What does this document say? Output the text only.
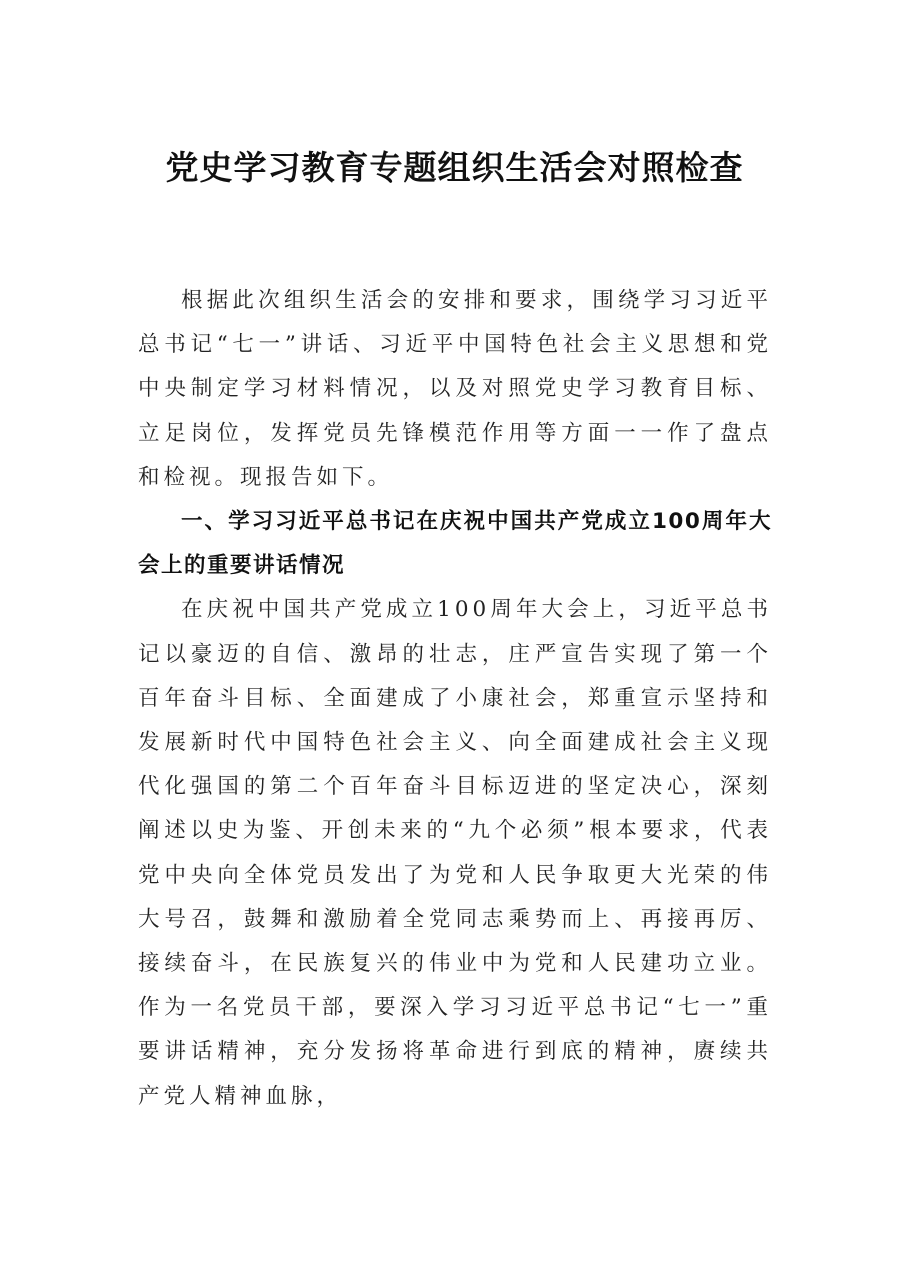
党史学习教育专题组织生活会对照检查

根据此次组织生活会的安排和要求，围绕学习习近平总书记“七一”讲话、习近平中国特色社会主义思想和党中央制定学习材料情况，以及对照党史学习教育目标、立足岗位，发挥党员先锋模范作用等方面一一作了盘点和检视。现报告如下。

一、学习习近平总书记在庆祝中国共产党成立100周年大会上的重要讲话情况

在庆祝中国共产党成立100周年大会上，习近平总书记以豪迈的自信、激昂的壮志，庄严宣告实现了第一个百年奋斗目标、全面建成了小康社会，郑重宣示坚持和发展新时代中国特色社会主义、向全面建成社会主义现代化强国的第二个百年奋斗目标迈进的坚定决心，深刻阐述以史为鉴、开创未来的“九个必须”根本要求，代表党中央向全体党员发出了为党和人民争取更大光荣的伟大号召，鼓舞和激励着全党同志乘势而上、再接再厉、接续奋斗，在民族复兴的伟业中为党和人民建功立业。作为一名党员干部，要深入学习习近平总书记“七一”重要讲话精神，充分发扬将革命进行到底的精神，赓续共产党人精神血脉，
